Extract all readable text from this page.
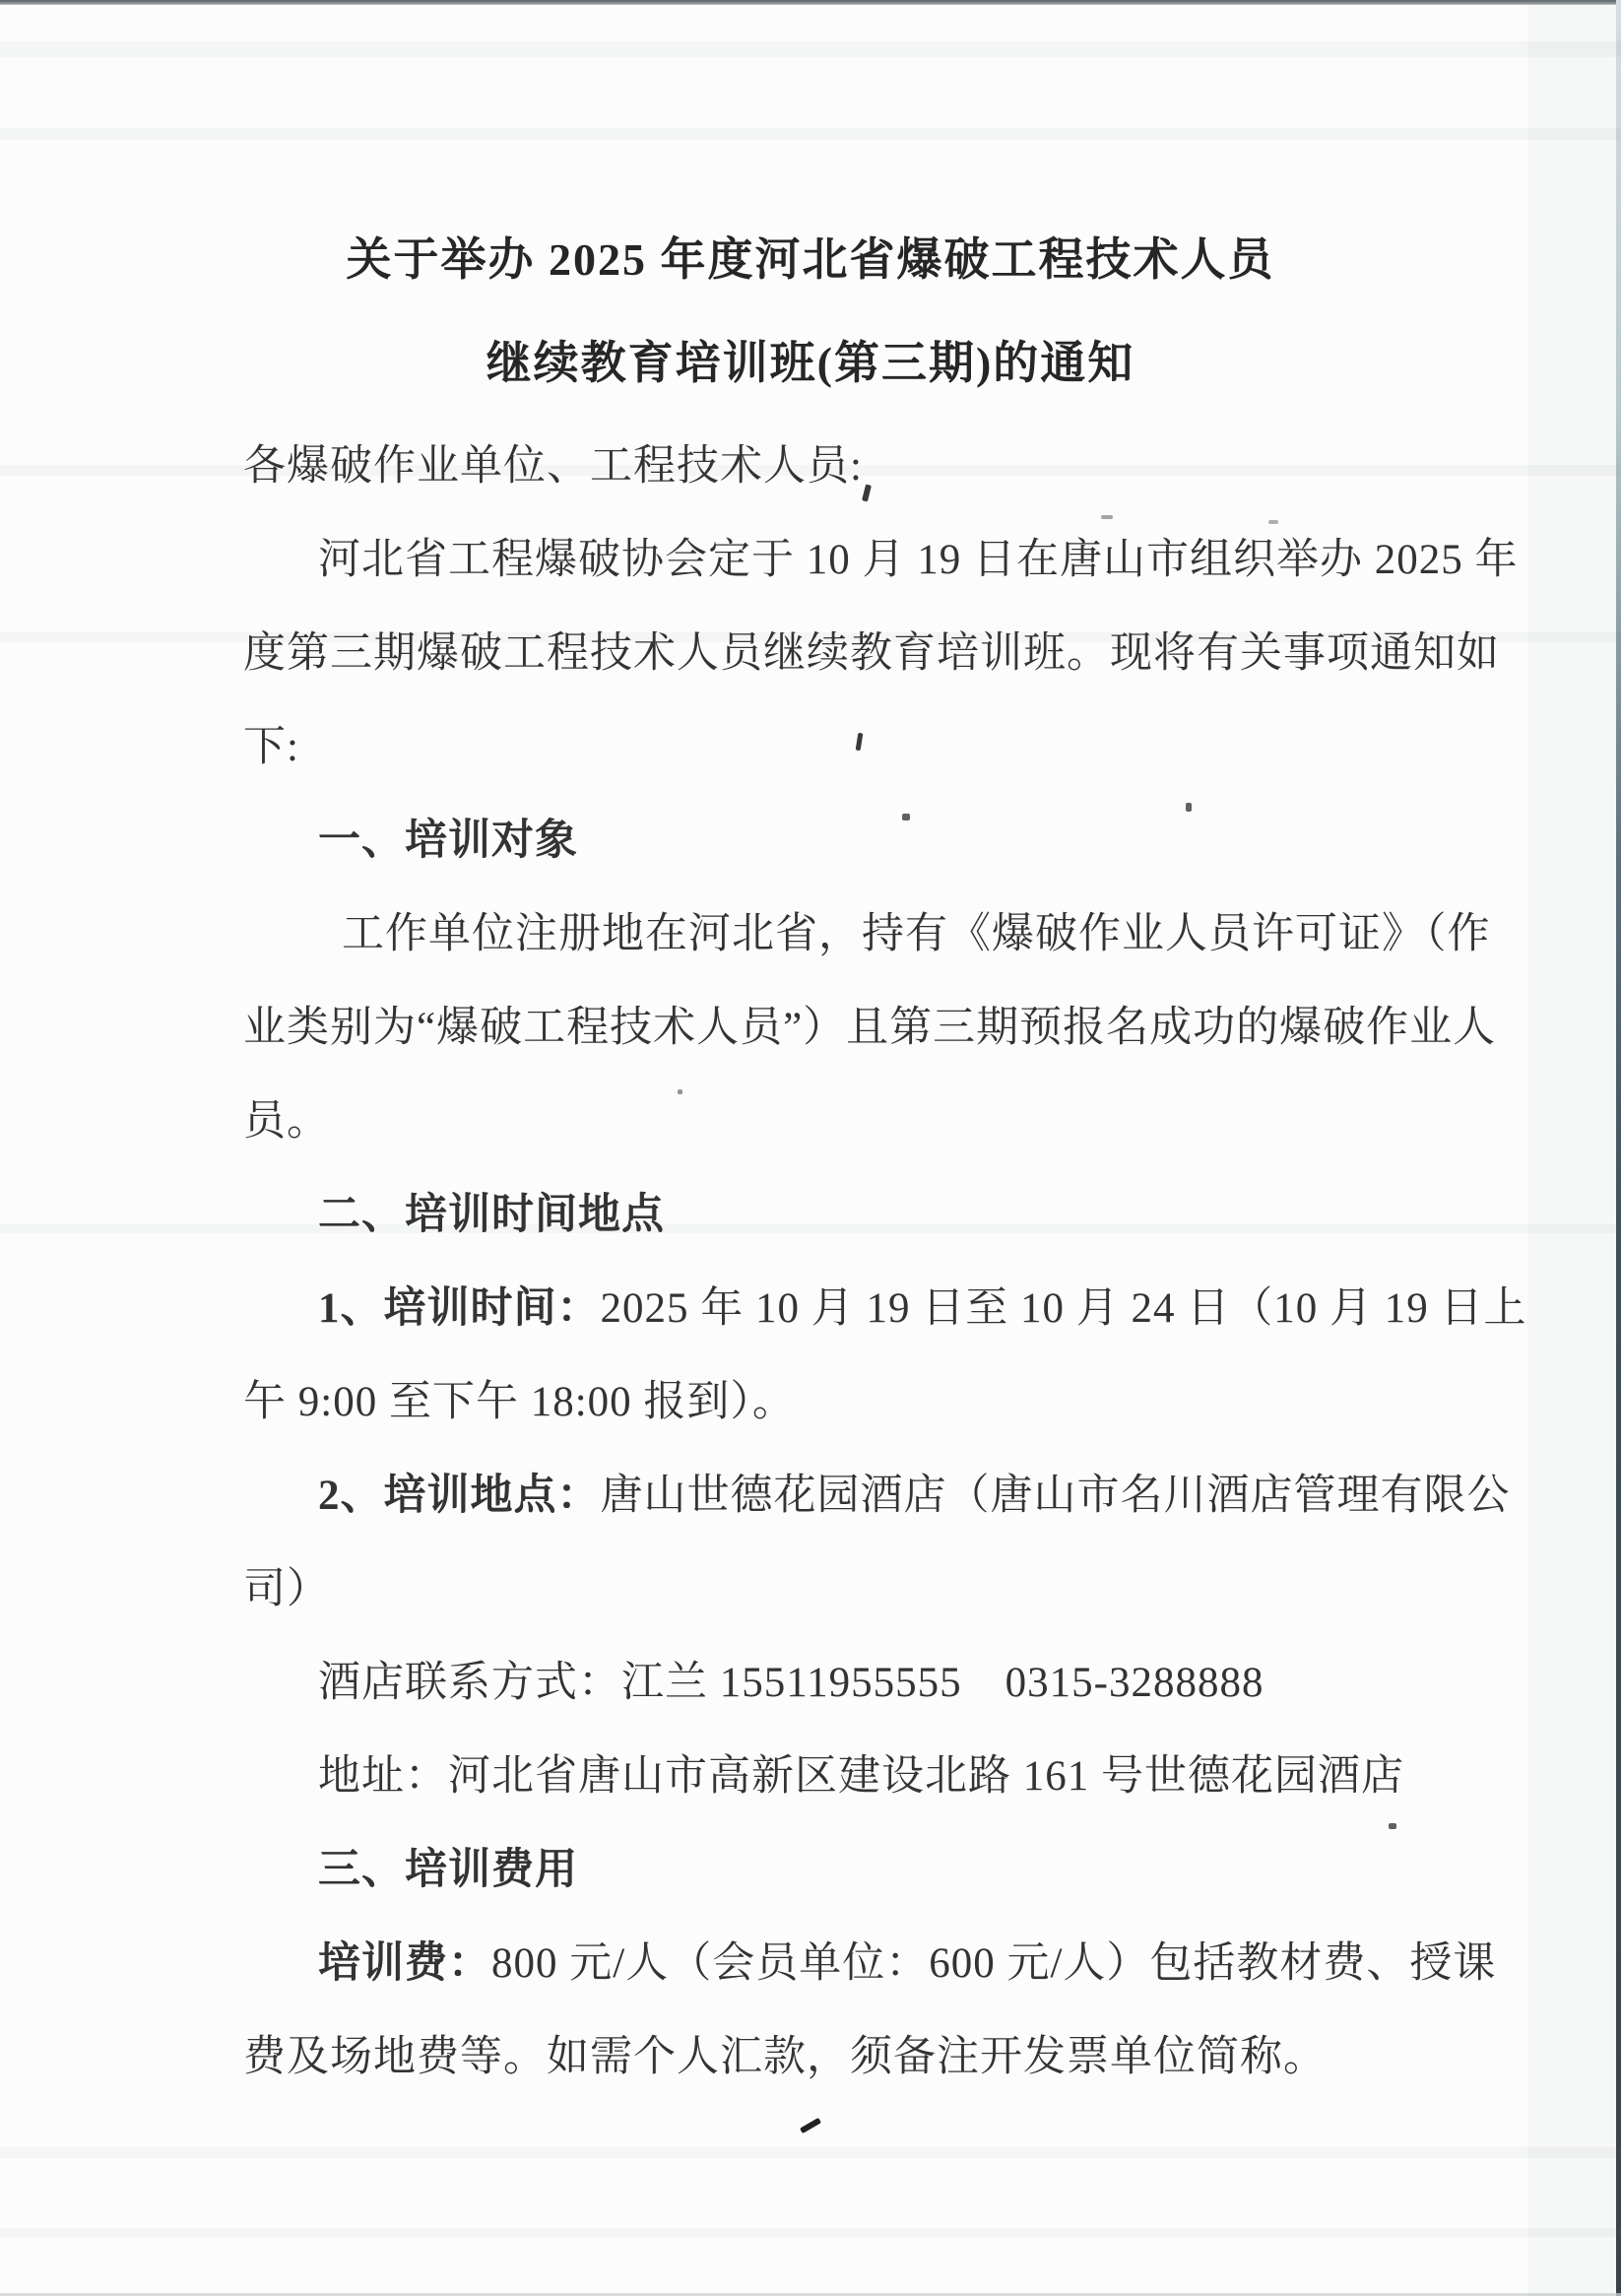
关于举办 2025 年度河北省爆破工程技术人员
继续教育培训班(第三期)的通知
各爆破作业单位、工程技术人员:
河北省工程爆破协会定于 10 月 19 日在唐山市组织举办 2025 年
度第三期爆破工程技术人员继续教育培训班。现将有关事项通知如
下:
一、培训对象
工作单位注册地在河北省，持有《爆破作业人员许可证》（作
业类别为“爆破工程技术人员”）且第三期预报名成功的爆破作业人
员。
二、培训时间地点
1、培训时间：2025 年 10 月 19 日至 10 月 24 日（10 月 19 日上
午 9:00 至下午 18:00 报到）。
2、培训地点：唐山世德花园酒店（唐山市名川酒店管理有限公
司）
酒店联系方式：江兰 15511955555　0315-3288888
地址：河北省唐山市高新区建设北路 161 号世德花园酒店
三、培训费用
培训费：800 元/人（会员单位：600 元/人）包括教材费、授课
费及场地费等。如需个人汇款，须备注开发票单位简称。
